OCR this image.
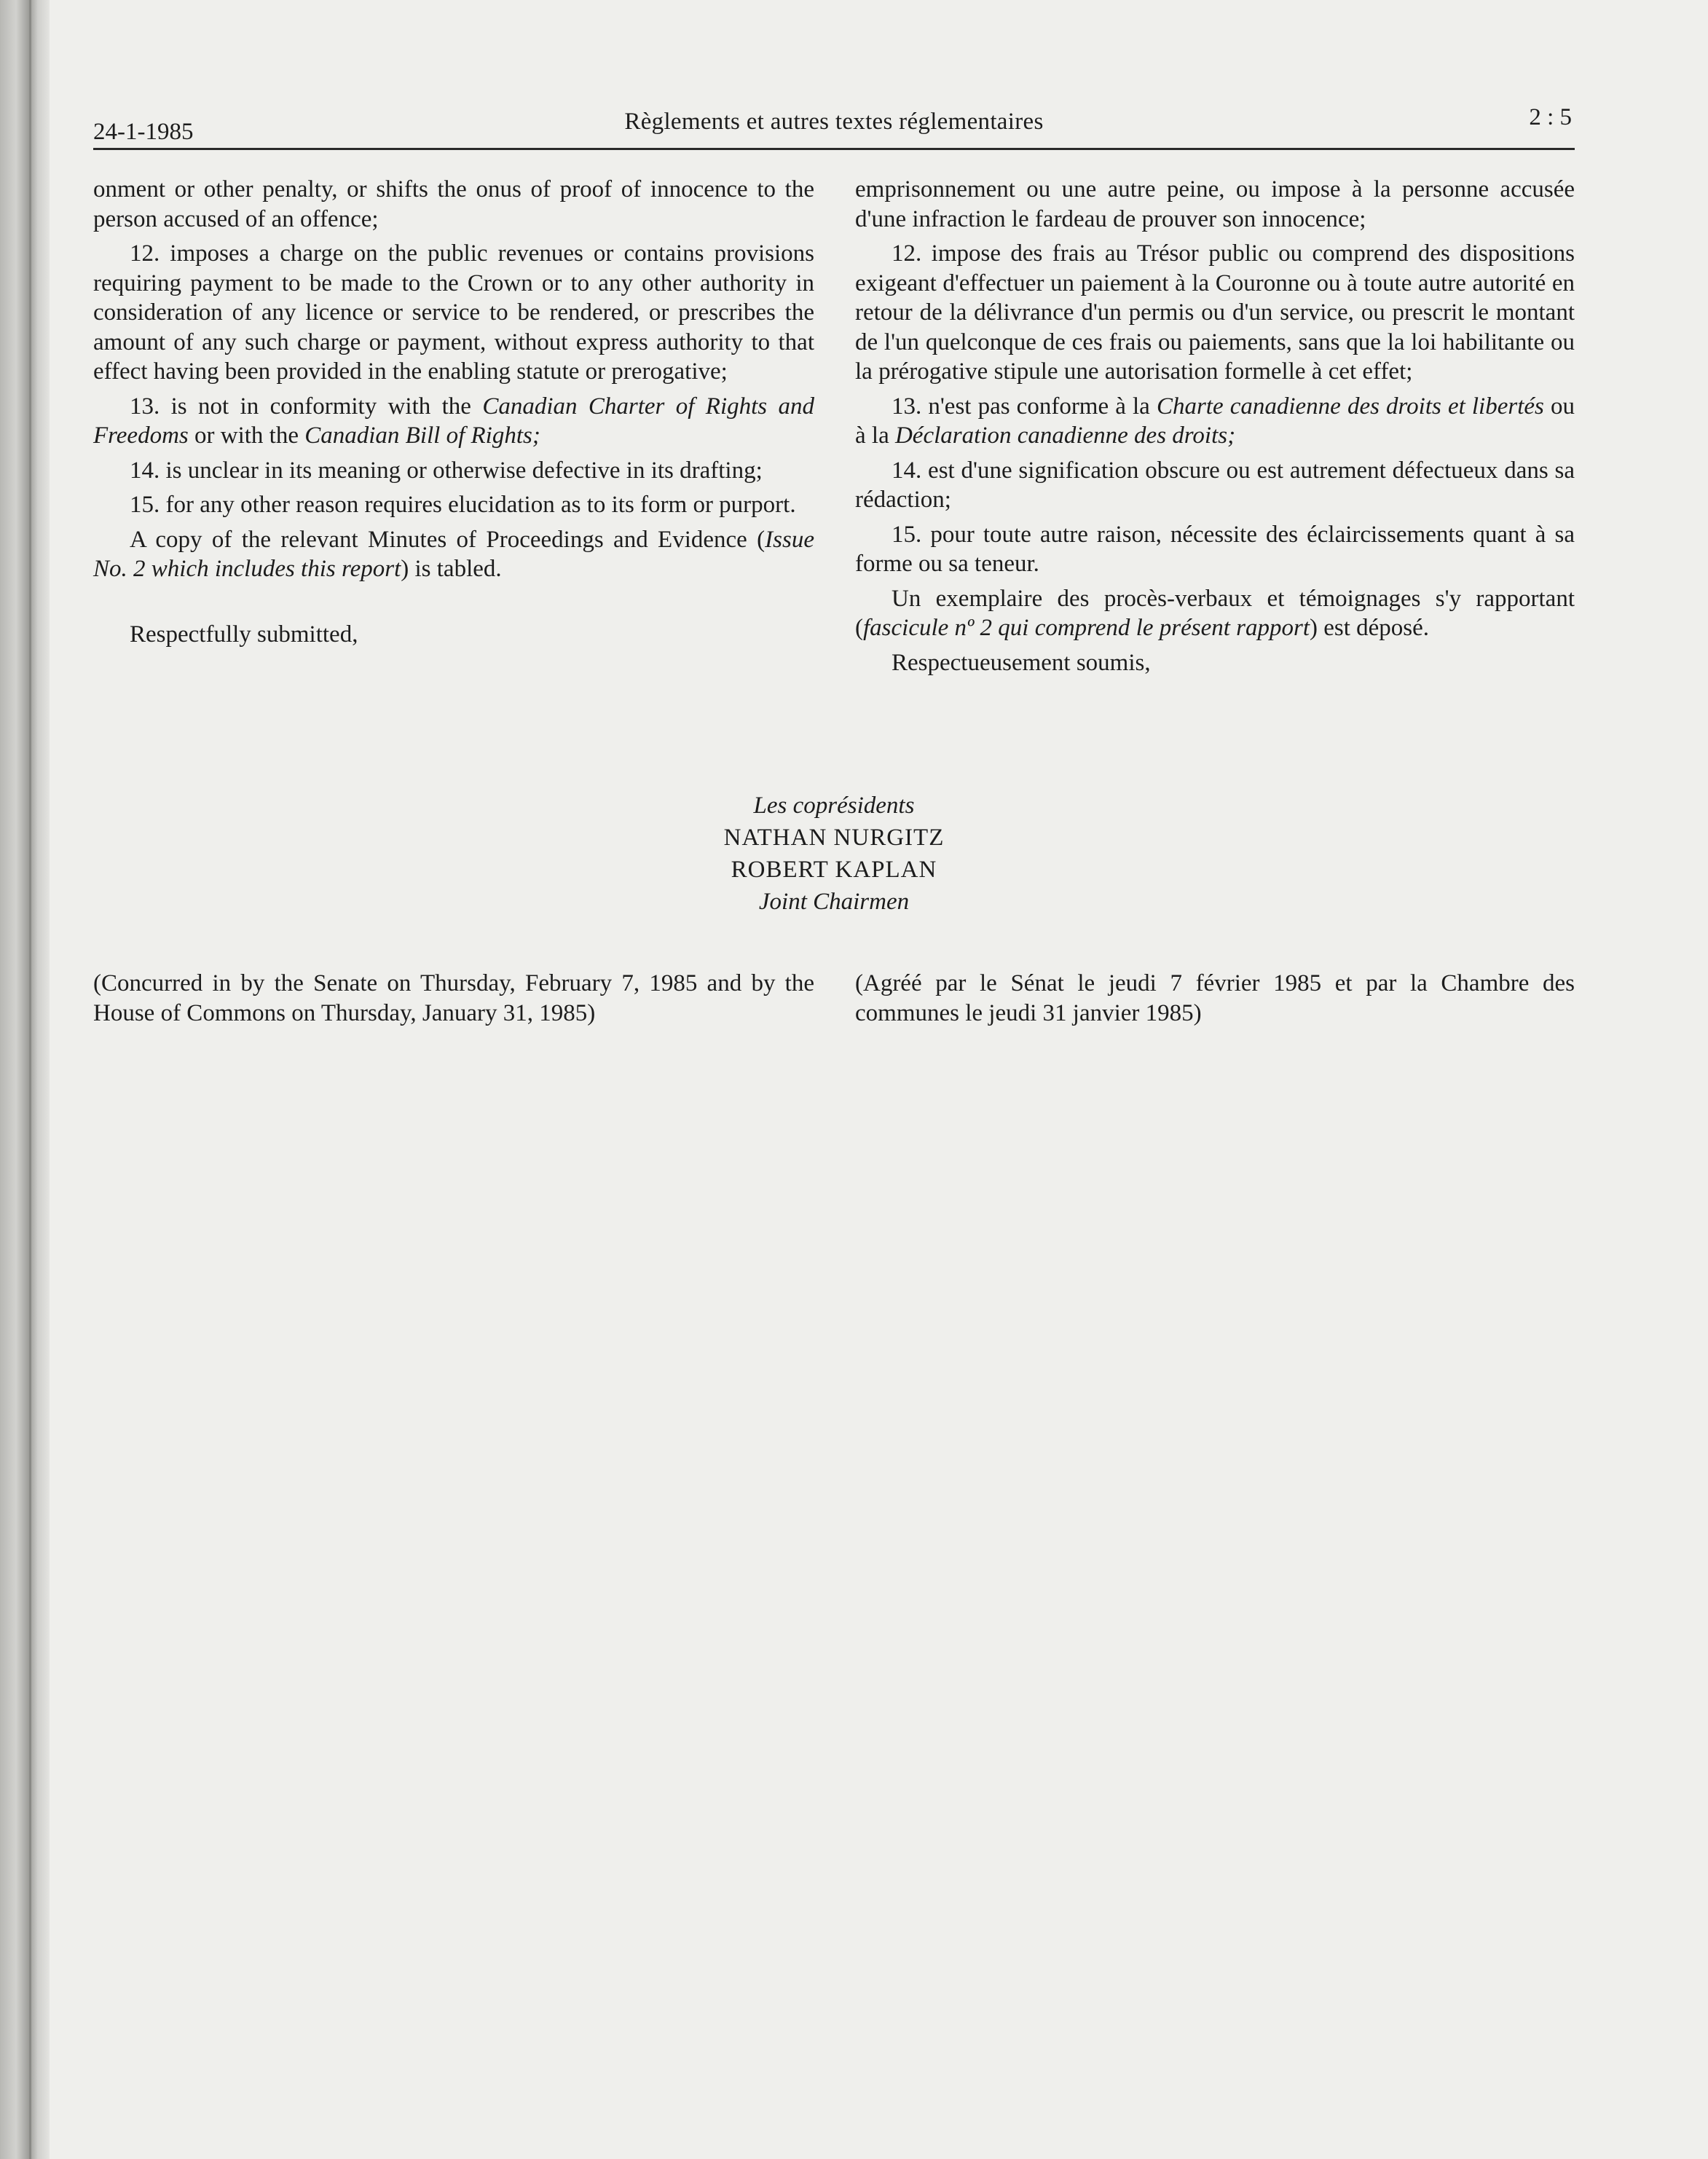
24-1-1985	Règlements et autres textes réglementaires	2 : 5

onment or other penalty, or shifts the onus of proof of innocence to the person accused of an offence;

12. imposes a charge on the public revenues or contains provisions requiring payment to be made to the Crown or to any other authority in consideration of any licence or service to be rendered, or prescribes the amount of any such charge or payment, without express authority to that effect having been provided in the enabling statute or prerogative;

13. is not in conformity with the Canadian Charter of Rights and Freedoms or with the Canadian Bill of Rights;

14. is unclear in its meaning or otherwise defective in its drafting;

15. for any other reason requires elucidation as to its form or purport.

A copy of the relevant Minutes of Proceedings and Evidence (Issue No. 2 which includes this report) is tabled.

Respectfully submitted,

emprisonnement ou une autre peine, ou impose à la personne accusée d'une infraction le fardeau de prouver son innocence;

12. impose des frais au Trésor public ou comprend des dispositions exigeant d'effectuer un paiement à la Couronne ou à toute autre autorité en retour de la délivrance d'un permis ou d'un service, ou prescrit le montant de l'un quelconque de ces frais ou paiements, sans que la loi habilitante ou la prérogative stipule une autorisation formelle à cet effet;

13. n'est pas conforme à la Charte canadienne des droits et libertés ou à la Déclaration canadienne des droits;

14. est d'une signification obscure ou est autrement défectueux dans sa rédaction;

15. pour toute autre raison, nécessite des éclaircissements quant à sa forme ou sa teneur.

Un exemplaire des procès-verbaux et témoignages s'y rapportant (fascicule nº 2 qui comprend le présent rapport) est déposé.

Respectueusement soumis,

Les coprésidents
NATHAN NURGITZ
ROBERT KAPLAN
Joint Chairmen
(Concurred in by the Senate on Thursday, February 7, 1985 and by the House of Commons on Thursday, January 31, 1985)
(Agréé par le Sénat le jeudi 7 février 1985 et par la Chambre des communes le jeudi 31 janvier 1985)
